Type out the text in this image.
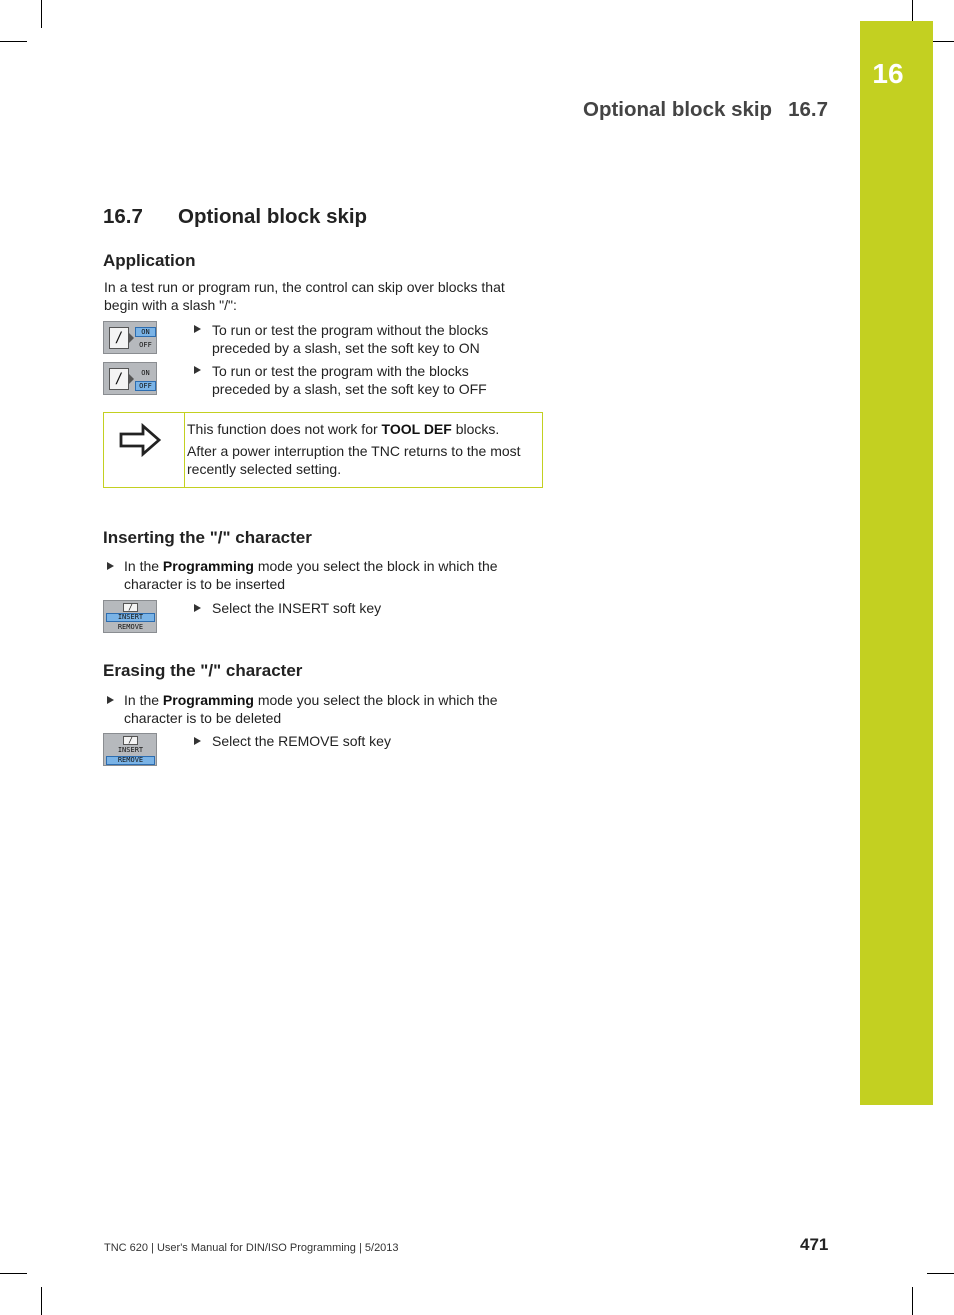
16
Optional block skip 16.7
16.7 Optional block skip
Application
In a test run or program run, the control can skip over blocks that begin with a slash "/":
/	ON
OFF
To run or test the program without the blocks preceded by a slash, set the soft key to ON
/	ON
OFF
To run or test the program with the blocks preceded by a slash, set the soft key to OFF
This function does not work for TOOL DEF blocks.
After a power interruption the TNC returns to the most recently selected setting.
Inserting the "/" character
In the Programming mode you select the block in which the character is to be inserted
/
INSERT
REMOVE
Select the INSERT soft key
Erasing the "/" character
In the Programming mode you select the block in which the character is to be deleted
/
INSERT
REMOVE
Select the REMOVE soft key
TNC 620 | User's Manual for DIN/ISO Programming | 5/2013	471
